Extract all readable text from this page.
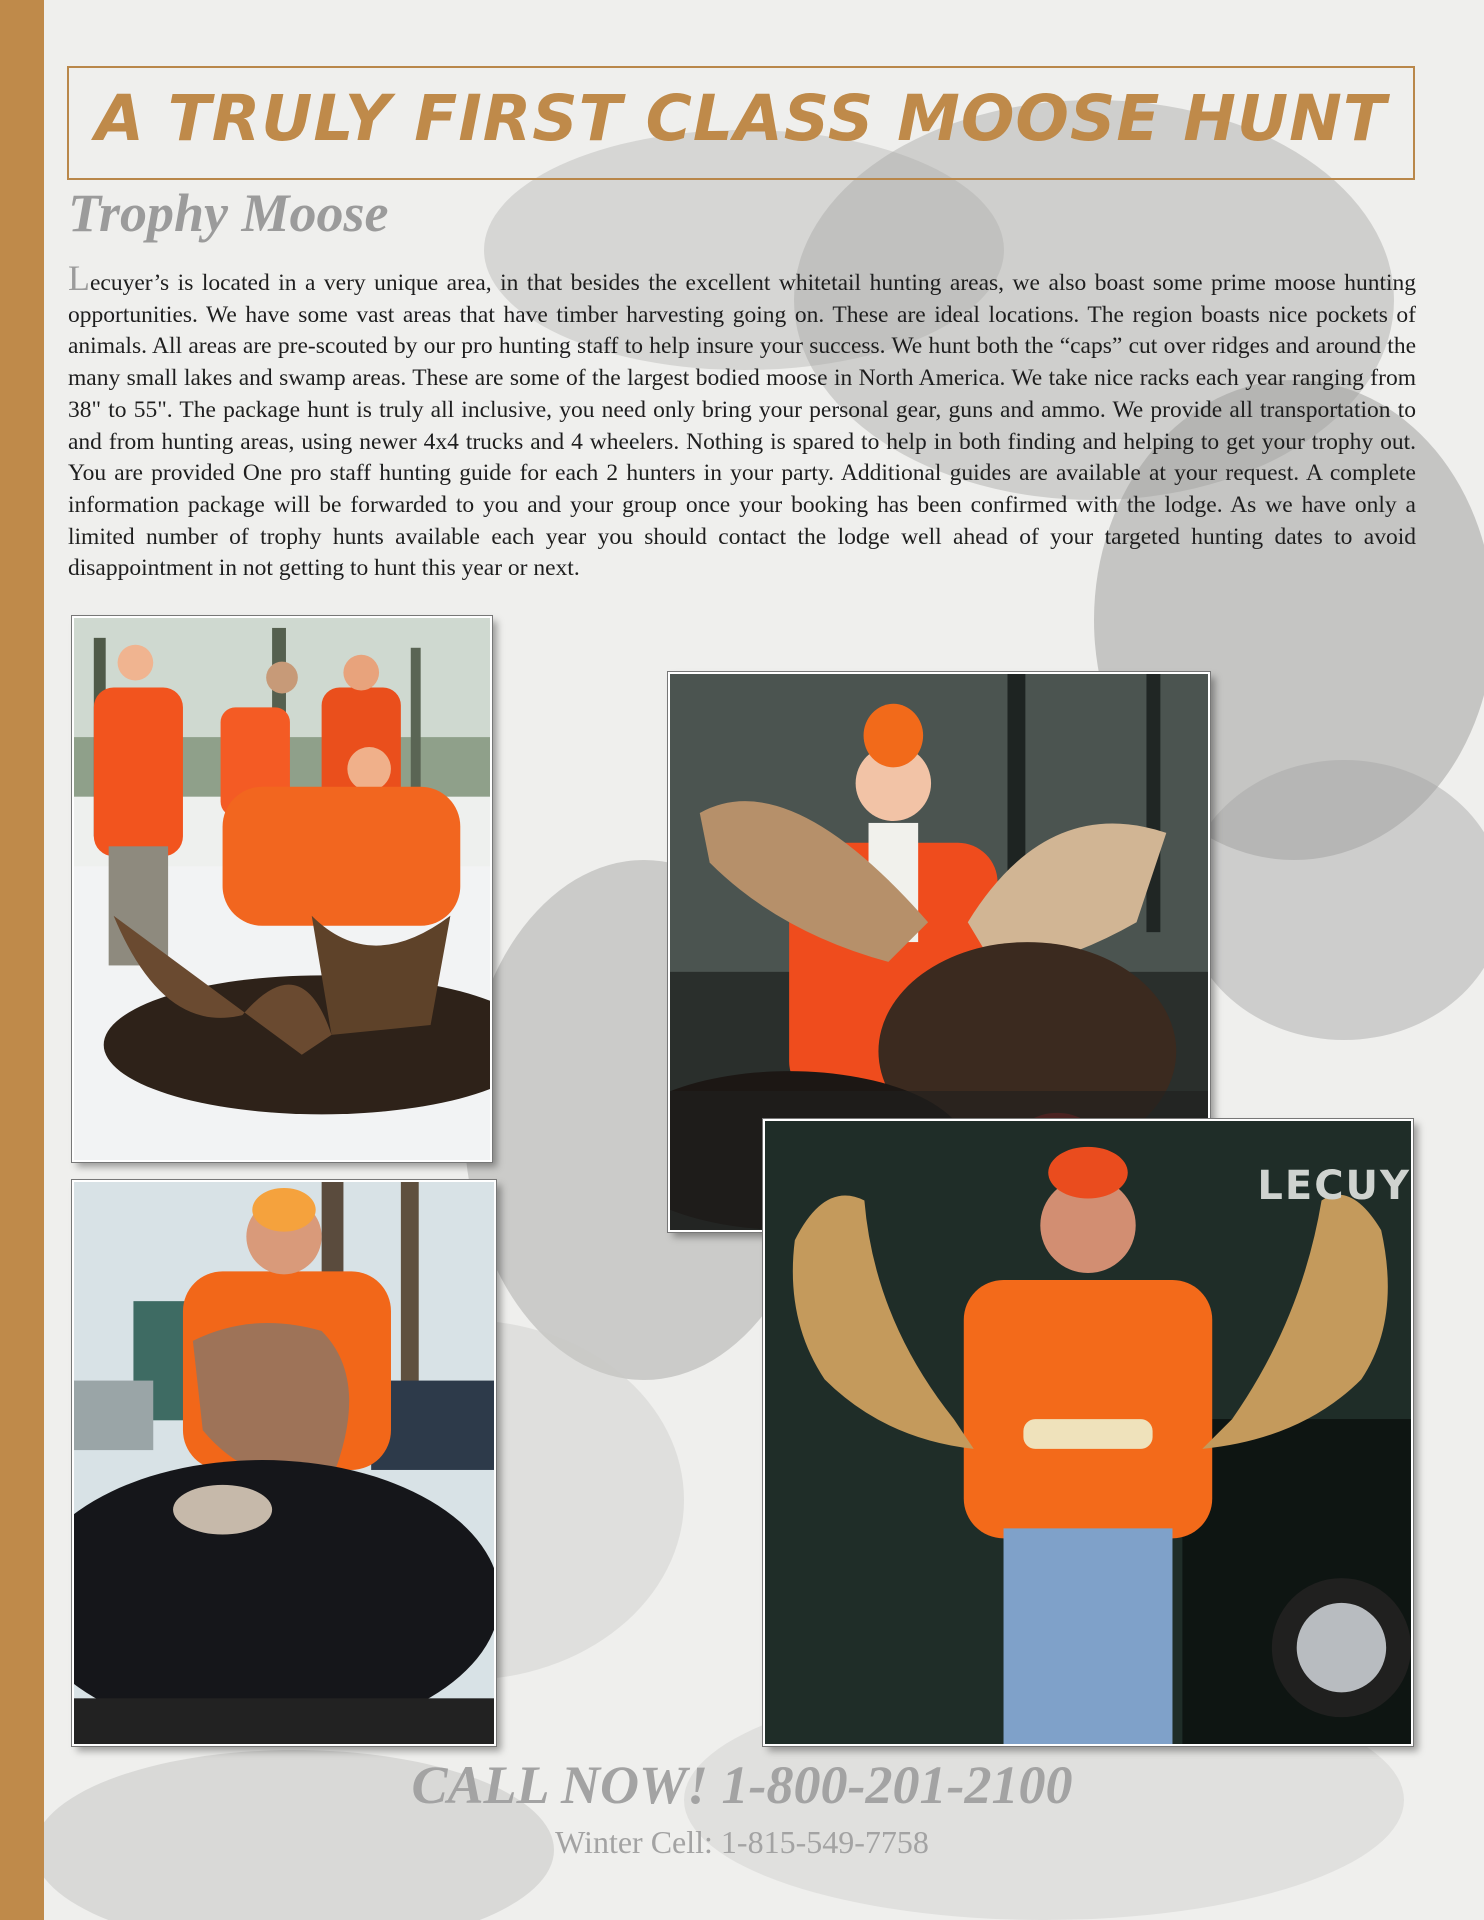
A TRULY FIRST CLASS MOOSE HUNT
Trophy Moose
Lecuyer’s is located in a very unique area, in that besides the excellent whitetail hunting areas, we also boast some prime moose hunting opportunities. We have some vast areas that have timber harvesting going on. These are ideal locations. The region boasts nice pockets of animals. All areas are pre-scouted by our pro hunting staff to help insure your success. We hunt both the “caps” cut over ridges and around the many small lakes and swamp areas. These are some of the largest bodied moose in North America. We take nice racks each year ranging from 38" to 55". The package hunt is truly all inclusive, you need only bring your personal gear, guns and ammo. We provide all transportation to and from hunting areas, using newer 4x4 trucks and 4 wheelers. Nothing is spared to help in both finding and helping to get your trophy out. You are provided One pro staff hunting guide for each 2 hunters in your party. Additional guides are available at your request. A complete information package will be forwarded to you and your group once your booking has been confirmed with the lodge. As we have only a limited number of trophy hunts available each year you should contact the lodge well ahead of your targeted hunting dates to avoid disappointment in not getting to hunt this year or next.
LECUY
CALL NOW! 1-800-201-2100
Winter Cell: 1-815-549-7758
